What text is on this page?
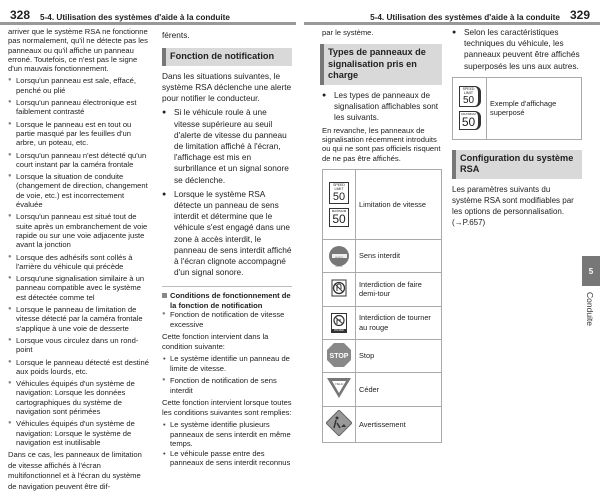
328 5-4. Utilisation des systèmes d'aide à la conduite	5-4. Utilisation des systèmes d'aide à la conduite 329

arriver que le système RSA ne fonctionne pas normalement, qu'il ne détecte pas les panneaux ou qu'il affiche un panneau erroné. Toutefois, ce n'est pas le signe d'un mauvais fonctionnement.

● Lorsqu'un panneau est sale, effacé, penché ou plié
● Lorsqu'un panneau électronique est faiblement contrasté
● Lorsque le panneau est en tout ou partie masqué par les feuilles d'un arbre, un poteau, etc.
● Lorsqu'un panneau n'est détecté qu'un court instant par la caméra frontale
● Lorsque la situation de conduite (changement de direction, changement de voie, etc.) est incorrectement évaluée
● Lorsqu'un panneau est situé tout de suite après un embranchement de voie rapide ou sur une voie adjacente juste avant la jonction
● Lorsque des adhésifs sont collés à l'arrière du véhicule qui précède
● Lorsqu'une signalisation similaire à un panneau compatible avec le système est détectée comme tel
● Lorsque le panneau de limitation de vitesse détecté par la caméra frontale s'applique à une voie de desserte
● Lorsque vous circulez dans un rond-point
● Lorsque le panneau détecté est destiné aux poids lourds, etc.
● Véhicules équipés d'un système de navigation: Lorsque les données cartographiques du système de navigation sont périmées
● Véhicules équipés d'un système de navigation: Lorsque le système de navigation est inutilisable

Dans ce cas, les panneaux de limitation de vitesse affichés à l'écran multifonctionnel et à l'écran du système de navigation peuvent être dif-

férents.

Fonction de notification

Dans les situations suivantes, le système RSA déclenche une alerte pour notifier le conducteur.

● Si le véhicule roule à une vitesse supérieure au seuil d'alerte de vitesse du panneau de limitation affiché à l'écran, l'affichage est mis en surbrillance et un signal sonore se déclenche.
● Lorsque le système RSA détecte un panneau de sens interdit et détermine que le véhicule s'est engagé dans une zone à accès interdit, le panneau de sens interdit affiché à l'écran clignote accompagné d'un signal sonore.
Conditions de fonctionnement de la fonction de notification
● Fonction de notification de vitesse excessive

Cette fonction intervient dans la condition suivante:

• Le système identifie un panneau de limite de vitesse.
● Fonction de notification de sens interdit

Cette fonction intervient lorsque toutes les conditions suivantes sont remplies:

• Le système identifie plusieurs panneaux de sens interdit en même temps.
• Le véhicule passe entre des panneaux de sens interdit reconnus

par le système.

Types de panneaux de signalisation pris en charge
● Les types de panneaux de signalisation affichables sont les suivants.

En revanche, les panneaux de signalisation récemment introduits ou qui ne sont pas officiels risquent de ne pas être affichés.

SPEED
LIMIT
50
MAXIMUM
50	Limitation de vitesse

DO NOT ENTER	Sens interdit
	Interdiction de faire demi-tour

ON RED	Interdiction de tourner au rouge

STOP	Stop

YIELD	Céder
	Avertissement
● Selon les caractéristiques techniques du véhicule, les panneaux peuvent être affichés superposés les uns aux autres.
SPEED
LIMIT
50
MAXIMUM
50
	Exemple d'affichage superposé
Configuration du système RSA

Les paramètres suivants du système RSA sont modifiables par les options de personnalisation. (→P.657)

5
Conduite
